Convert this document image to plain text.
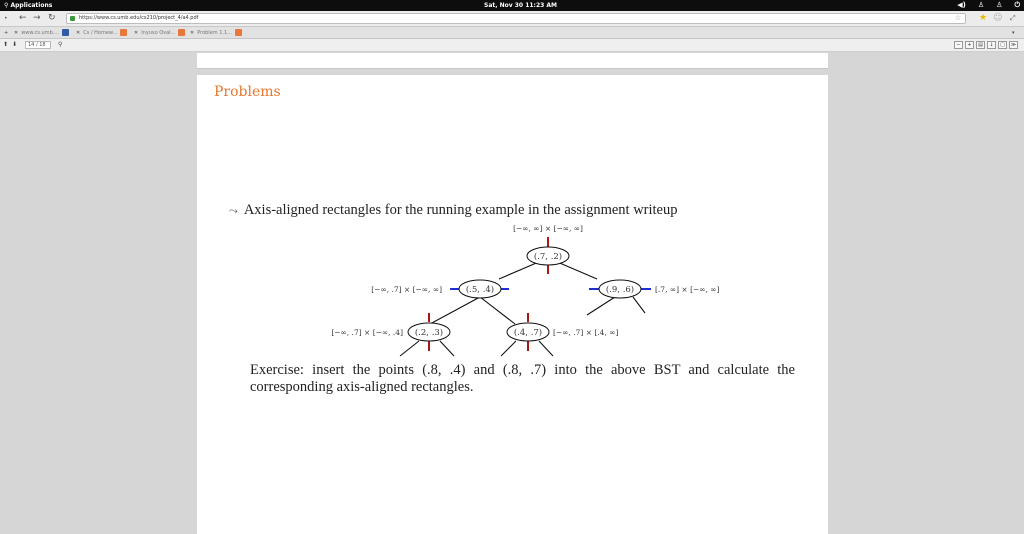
⚲ Applications	Sat, Nov 30 11:23 AM	◀) ♙ ♙ ⏻
• ← → ↻	https://www.cs.umb.edu/cs210/project_4/a4.pdf	☆ ★ ☺ ⤢
+	✕ www.cs.umb....	✕ Cs / Homew...	✕ Inyuso Oval...	✕ Problem 1.1...	▾
⬆ ⬇	14 / 18	⚲	−	+	▤	↓	▢	≫
Problems
⤳ Axis-aligned rectangles for the running example in the assignment writeup
(.7, .2)
(.5, .4)	(.9, .6)
(.2, .3)	(.4, .7)
[−∞, ∞] × [−∞, ∞]
[−∞, .7] × [−∞, ∞]	[.7, ∞] × [−∞, ∞]
[−∞, .7] × [−∞, .4]	[−∞, .7] × [.4, ∞]
Exercise: insert the points (.8, .4) and (.8, .7) into the above BST and calculate the corresponding axis-aligned rectangles.
